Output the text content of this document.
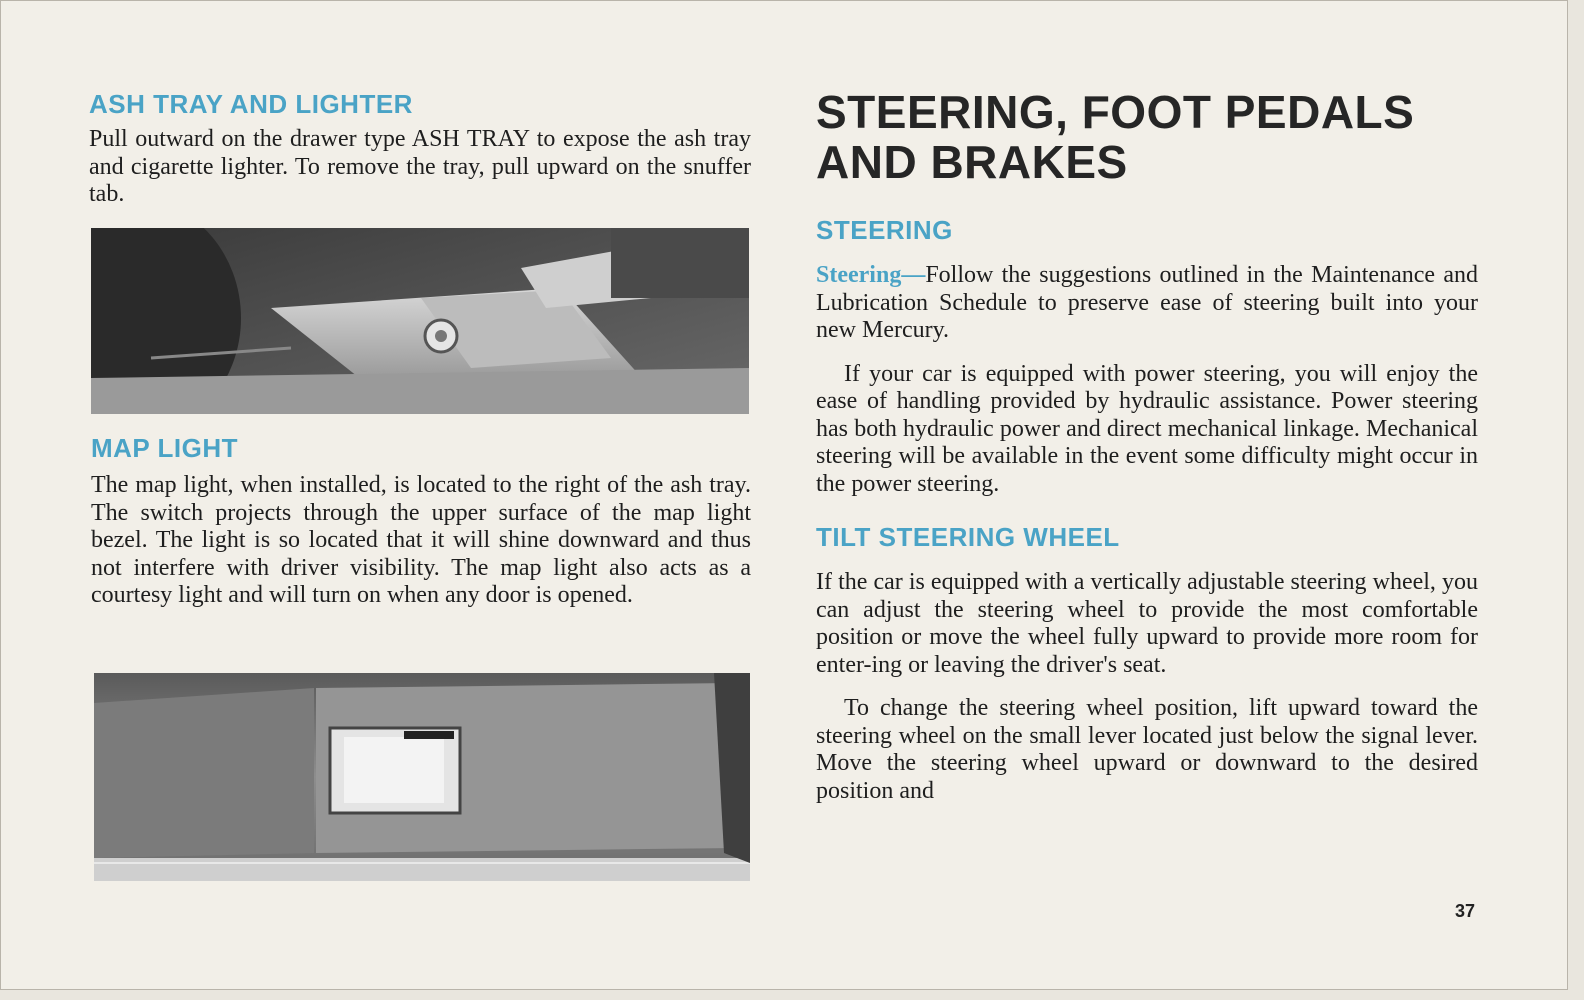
ASH TRAY AND LIGHTER

Pull outward on the drawer type ASH TRAY to expose the ash tray and cigarette lighter. To remove the tray, pull upward on the snuffer tab.

MAP LIGHT

The map light, when installed, is located to the right of the ash tray. The switch projects through the upper surface of the map light bezel. The light is so located that it will shine downward and thus not interfere with driver visibility. The map light also acts as a courtesy light and will turn on when any door is opened.

STEERING, FOOT PEDALS
AND BRAKES
STEERING

Steering—Follow the suggestions outlined in the Maintenance and Lubrication Schedule to preserve ease of steering built into your new Mercury.

If your car is equipped with power steering, you will enjoy the ease of handling provided by hydraulic assistance. Power steering has both hydraulic power and direct mechanical linkage. Mechanical steering will be available in the event some difficulty might occur in the power steering.

TILT STEERING WHEEL

If the car is equipped with a vertically adjustable steering wheel, you can adjust the steering wheel to provide the most comfortable position or move the wheel fully upward to provide more room for enter-ing or leaving the driver's seat.

To change the steering wheel position, lift upward toward the steering wheel on the small lever located just below the signal lever. Move the steering wheel upward or downward to the desired position and

37
